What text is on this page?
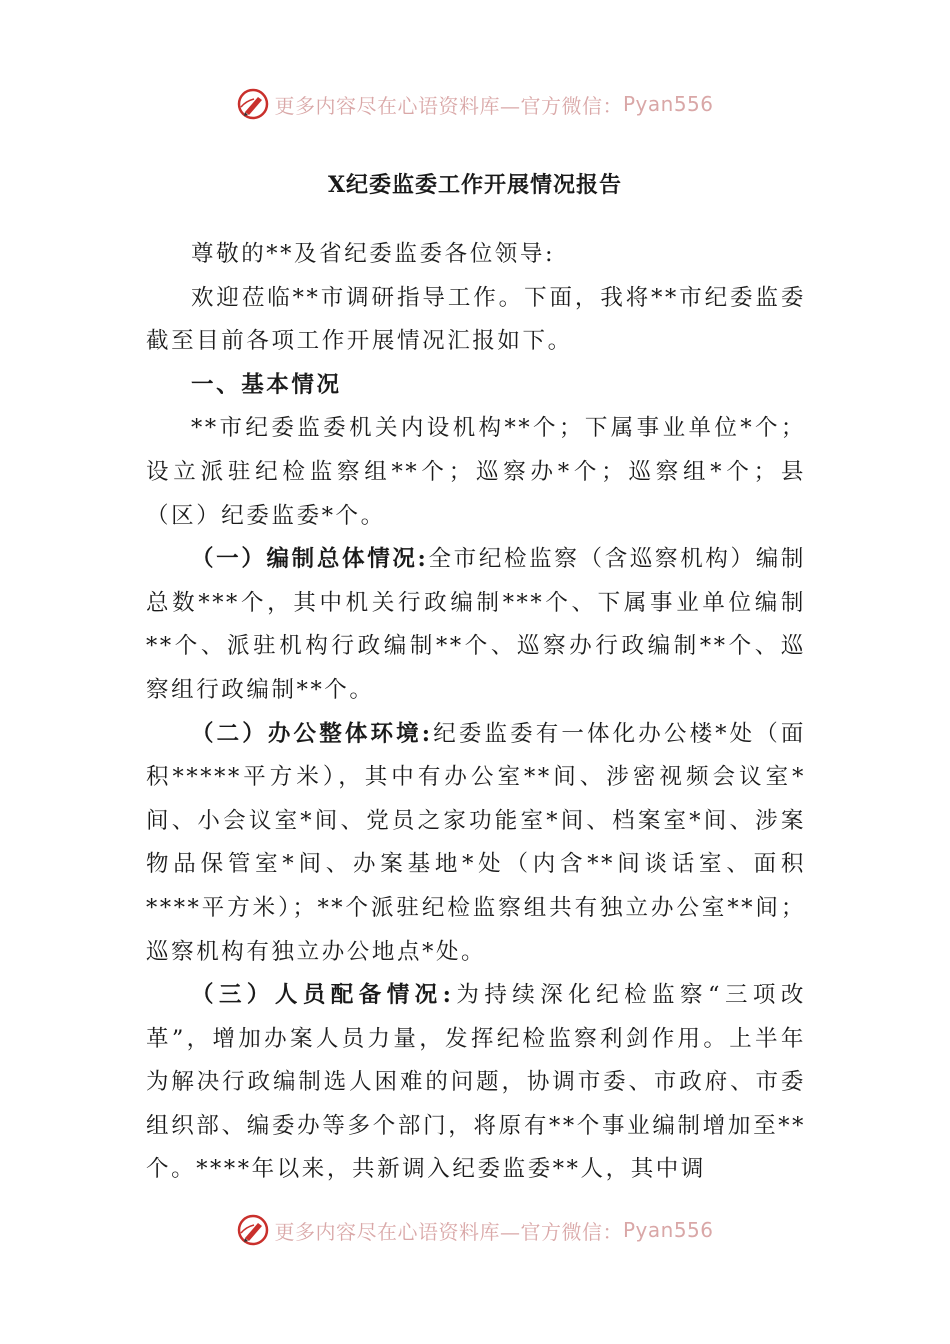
更多内容尽在心语资料库—官方微信： Pyan556
X纪委监委工作开展情况报告

尊敬的**及省纪委监委各位领导:

欢迎莅临**市调研指导工作。下面，我将**市纪委监委截至目前各项工作开展情况汇报如下。

一、基本情况

**市纪委监委机关内设机构**个；下属事业单位*个；设立派驻纪检监察组**个；巡察办*个；巡察组*个；县（区）纪委监委*个。

（一）编制总体情况:全市纪检监察（含巡察机构）编制总数***个，其中机关行政编制***个、下属事业单位编制**个、派驻机构行政编制**个、巡察办行政编制**个、巡察组行政编制**个。

（二）办公整体环境:纪委监委有一体化办公楼*处（面积*****平方米），其中有办公室**间、涉密视频会议室*间、小会议室*间、党员之家功能室*间、档案室*间、涉案物品保管室*间、办案基地*处（内含**间谈话室、面积****平方米）；**个派驻纪检监察组共有独立办公室**间；巡察机构有独立办公地点*处。

（三）人员配备情况:为持续深化纪检监察“三项改革”，增加办案人员力量，发挥纪检监察利剑作用。上半年为解决行政编制选人困难的问题，协调市委、市政府、市委组织部、编委办等多个部门，将原有**个事业编制增加至**个。****年以来，共新调入纪委监委**人，其中调

更多内容尽在心语资料库—官方微信： Pyan556
